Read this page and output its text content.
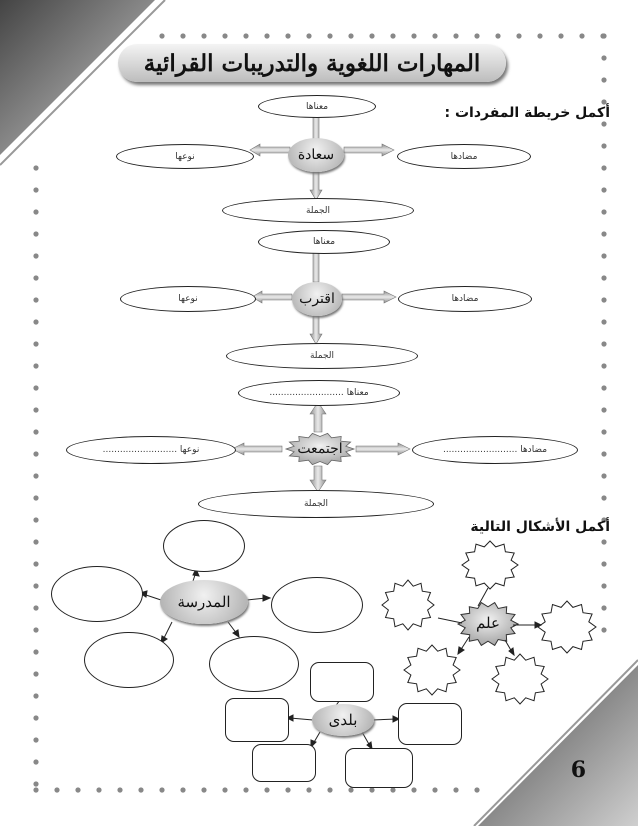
المهارات اللغوية والتدريبات القرائية
أكمل خريطة المفردات :
معناها
نوعها	مضادها
الجملة
سعادة
معناها
نوعها	مضادها
الجملة
اقترب
معناها ..........................
نوعها ..........................	مضادها ..........................
الجملة
اجتمعت
أكمل الأشكال التالية
المدرسة
علم
بلدى
6
